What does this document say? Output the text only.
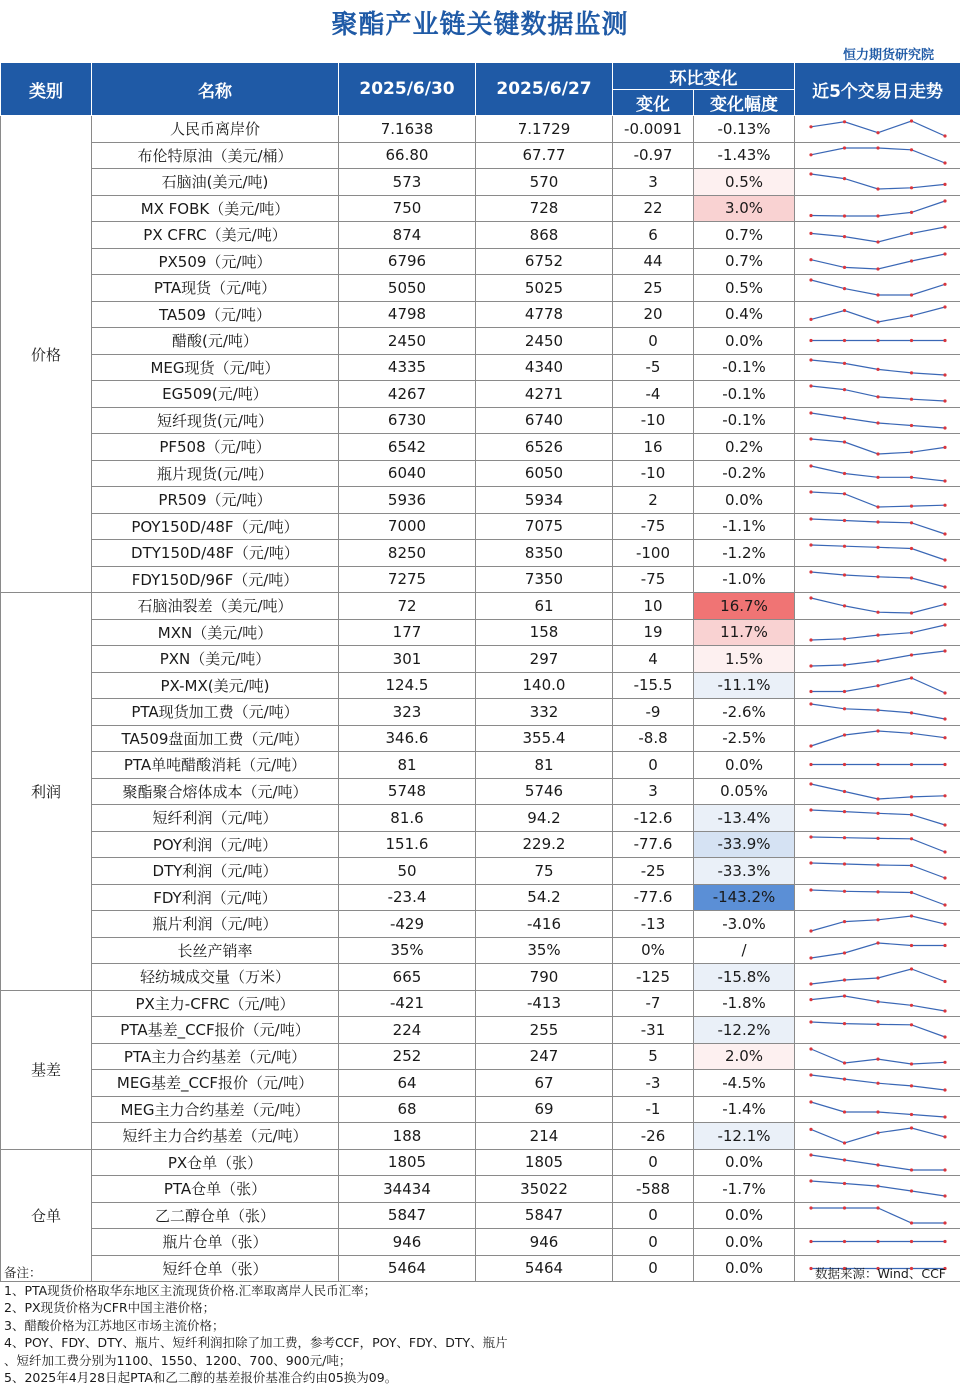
聚酯产业链关键数据监测
恒力期货研究院
类别	名称	2025/6/30	2025/6/27	环比变化		近5个交易日走势
				变化	变化幅度	
价格	人民币离岸价	7.1638	7.1729	-0.0091	-0.13%	

	布伦特原油（美元/桶）	66.80	67.77	-0.97	-1.43%	

	石脑油(美元/吨)	573	570	3	0.5%	

	MX FOBK（美元/吨）	750	728	22	3.0%	

	PX CFRC（美元/吨）	874	868	6	0.7%	

	PX509（元/吨）	6796	6752	44	0.7%	

	PTA现货（元/吨）	5050	5025	25	0.5%	

	TA509（元/吨）	4798	4778	20	0.4%	

	醋酸(元/吨）	2450	2450	0	0.0%	

	MEG现货（元/吨）	4335	4340	-5	-0.1%	

	EG509(元/吨）	4267	4271	-4	-0.1%	

	短纤现货(元/吨）	6730	6740	-10	-0.1%	

	PF508（元/吨）	6542	6526	16	0.2%	

	瓶片现货(元/吨）	6040	6050	-10	-0.2%	

	PR509（元/吨）	5936	5934	2	0.0%	

	POY150D/48F（元/吨）	7000	7075	-75	-1.1%	

	DTY150D/48F（元/吨）	8250	8350	-100	-1.2%	

	FDY150D/96F（元/吨）	7275	7350	-75	-1.0%	

利润	石脑油裂差（美元/吨）	72	61	10	16.7%	

	MXN（美元/吨）	177	158	19	11.7%	

	PXN（美元/吨）	301	297	4	1.5%	

	PX-MX(美元/吨)	124.5	140.0	-15.5	-11.1%	

	PTA现货加工费（元/吨）	323	332	-9	-2.6%	

	TA509盘面加工费（元/吨）	346.6	355.4	-8.8	-2.5%	

	PTA单吨醋酸消耗（元/吨）	81	81	0	0.0%	

	聚酯聚合熔体成本（元/吨）	5748	5746	3	0.05%	

	短纤利润（元/吨）	81.6	94.2	-12.6	-13.4%	

	POY利润（元/吨）	151.6	229.2	-77.6	-33.9%	

	DTY利润（元/吨）	50	75	-25	-33.3%	

	FDY利润（元/吨）	-23.4	54.2	-77.6	-143.2%	

	瓶片利润（元/吨）	-429	-416	-13	-3.0%	

	长丝产销率	35%	35%	0%	/	

	轻纺城成交量（万米）	665	790	-125	-15.8%	

基差	PX主力-CFRC（元/吨）	-421	-413	-7	-1.8%	

	PTA基差_CCF报价（元/吨）	224	255	-31	-12.2%	

	PTA主力合约基差（元/吨）	252	247	5	2.0%	

	MEG基差_CCF报价（元/吨）	64	67	-3	-4.5%	

	MEG主力合约基差（元/吨）	68	69	-1	-1.4%	

	短纤主力合约基差（元/吨）	188	214	-26	-12.1%	

仓单	PX仓单（张）	1805	1805	0	0.0%	

	PTA仓单（张）	34434	35022	-588	-1.7%	

	乙二醇仓单（张）	5847	5847	0	0.0%	

	瓶片仓单（张）	946	946	0	0.0%	

	短纤仓单（张）	5464	5464	0	0.0%	
备注：
1、PTA现货价格取华东地区主流现货价格.汇率取离岸人民币汇率；
2、PX现货价格为CFR中国主港价格；
3、醋酸价格为江苏地区市场主流价格；
4、POY、FDY、DTY、瓶片、短纤利润扣除了加工费，参考CCF，POY、FDY、DTY、瓶片
、短纤加工费分别为1100、1550、1200、700、900元/吨；
5、2025年4月28日起PTA和乙二醇的基差报价基准合约由05换为09。
数据来源：Wind、CCF
